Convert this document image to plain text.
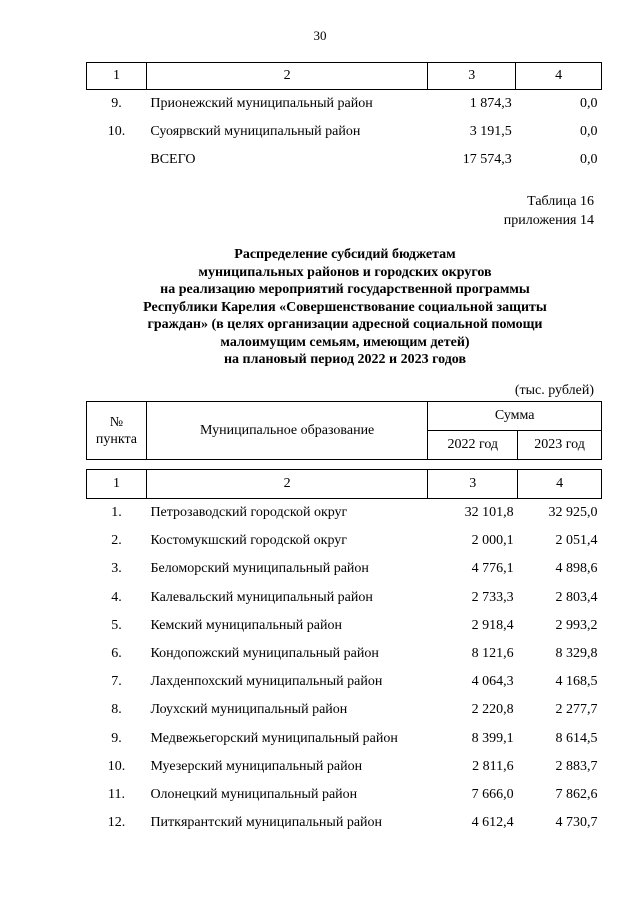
30
1	2	3	4
9.	Прионежский муниципальный район	1 874,3	0,0
10.	Суоярвский муниципальный район	3 191,5	0,0
	ВСЕГО	17 574,3	0,0
Таблица 16
приложения 14
Распределение субсидий бюджетам
муниципальных районов и городских округов
на реализацию мероприятий государственной программы
Республики Карелия «Совершенствование социальной защиты
граждан» (в целях организации адресной социальной помощи
малоимущим семьям, имеющим детей)
на плановый период 2022 и 2023 годов
(тыс. рублей)
№
пункта	Муниципальное образование	Сумма	
		2022 год	2023 год

1	2	3	4
1.	Петрозаводский городской округ	32 101,8	32 925,0
2.	Костомукшский городской округ	2 000,1	2 051,4
3.	Беломорский муниципальный район	4 776,1	4 898,6
4.	Калевальский муниципальный район	2 733,3	2 803,4
5.	Кемский муниципальный район	2 918,4	2 993,2
6.	Кондопожский муниципальный район	8 121,6	8 329,8
7.	Лахденпохский муниципальный район	4 064,3	4 168,5
8.	Лоухский муниципальный район	2 220,8	2 277,7
9.	Медвежьегорский муниципальный район	8 399,1	8 614,5
10.	Муезерский муниципальный район	2 811,6	2 883,7
11.	Олонецкий муниципальный район	7 666,0	7 862,6
12.	Питкярантский муниципальный район	4 612,4	4 730,7
